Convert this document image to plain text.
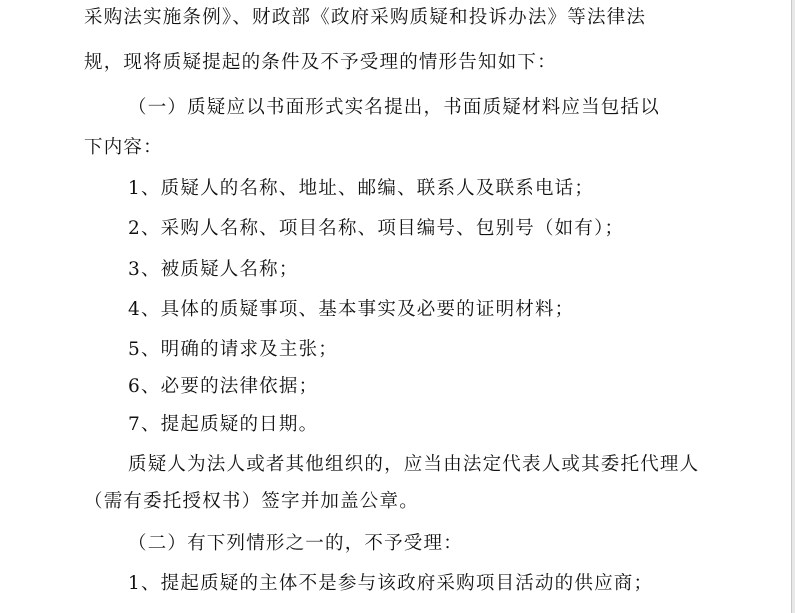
采购法实施条例》、财政部《政府采购质疑和投诉办法》等法律法
规，现将质疑提起的条件及不予受理的情形告知如下：
（一）质疑应以书面形式实名提出，书面质疑材料应当包括以
下内容：
1、质疑人的名称、地址、邮编、联系人及联系电话；
2、采购人名称、项目名称、项目编号、包别号（如有）；
3、被质疑人名称；
4、具体的质疑事项、基本事实及必要的证明材料；
5、明确的请求及主张；
6、必要的法律依据；
7、提起质疑的日期。
质疑人为法人或者其他组织的，应当由法定代表人或其委托代理人
（需有委托授权书）签字并加盖公章。
（二）有下列情形之一的，不予受理：
1、提起质疑的主体不是参与该政府采购项目活动的供应商；
